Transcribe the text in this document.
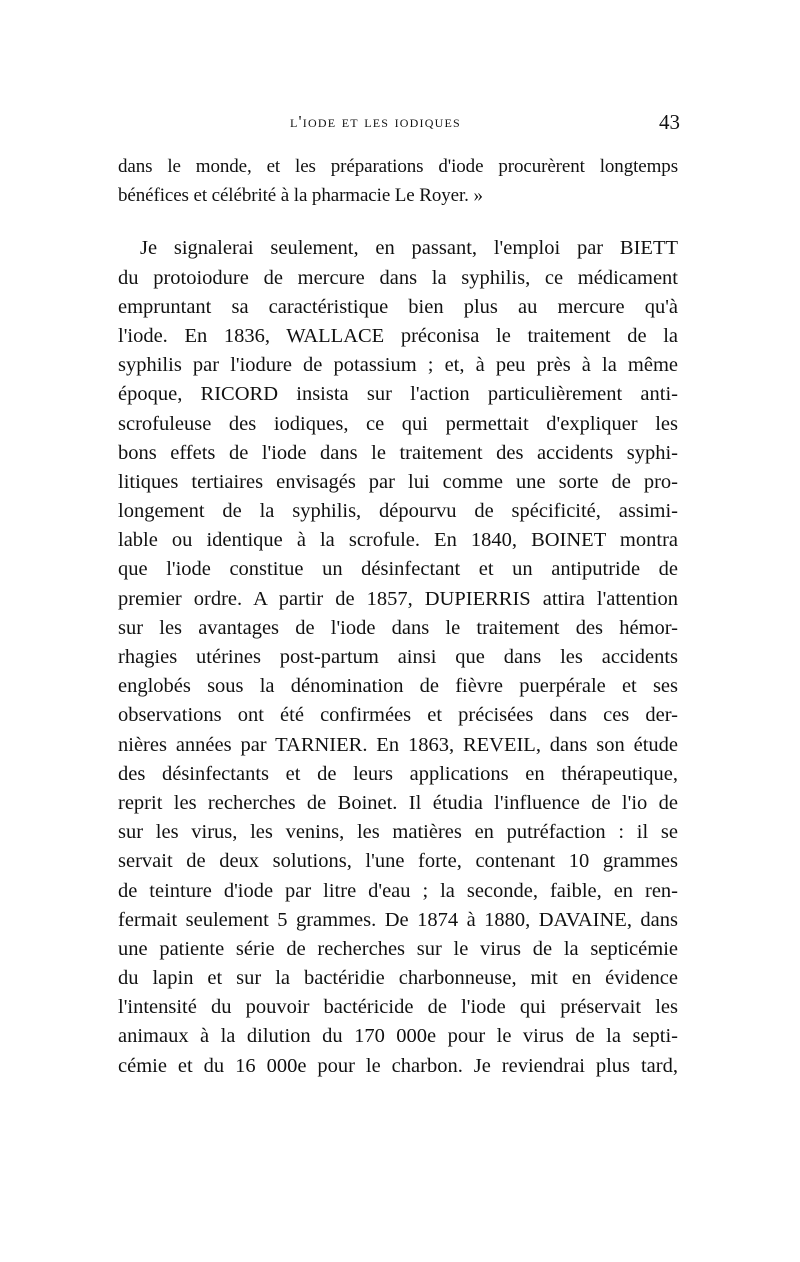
l'iode et les iodiques	43
dans le monde, et les préparations d'iode procurèrent longtemps
bénéfices et célébrité à la pharmacie Le Royer. »
Je signalerai seulement, en passant, l'emploi par BIETT
du protoiodure de mercure dans la syphilis, ce médicament
empruntant sa caractéristique bien plus au mercure qu'à
l'iode. En 1836, WALLACE préconisa le traitement de la
syphilis par l'iodure de potassium ; et, à peu près à la même
époque, RICORD insista sur l'action particulièrement anti-
scrofuleuse des iodiques, ce qui permettait d'expliquer les
bons effets de l'iode dans le traitement des accidents syphi-
litiques tertiaires envisagés par lui comme une sorte de pro-
longement de la syphilis, dépourvu de spécificité, assimi-
lable ou identique à la scrofule. En 1840, BOINET montra
que l'iode constitue un désinfectant et un antiputride de
premier ordre. A partir de 1857, DUPIERRIS attira l'attention
sur les avantages de l'iode dans le traitement des hémor-
rhagies utérines post-partum ainsi que dans les accidents
englobés sous la dénomination de fièvre puerpérale et ses
observations ont été confirmées et précisées dans ces der-
nières années par TARNIER. En 1863, REVEIL, dans son étude
des désinfectants et de leurs applications en thérapeutique,
reprit les recherches de Boinet. Il étudia l'influence de l'io de
sur les virus, les venins, les matières en putréfaction : il se
servait de deux solutions, l'une forte, contenant 10 grammes
de teinture d'iode par litre d'eau ; la seconde, faible, en ren-
fermait seulement 5 grammes. De 1874 à 1880, DAVAINE, dans
une patiente série de recherches sur le virus de la septicémie
du lapin et sur la bactéridie charbonneuse, mit en évidence
l'intensité du pouvoir bactéricide de l'iode qui préservait les
animaux à la dilution du 170 000e pour le virus de la septi-
cémie et du 16 000e pour le charbon. Je reviendrai plus tard,
